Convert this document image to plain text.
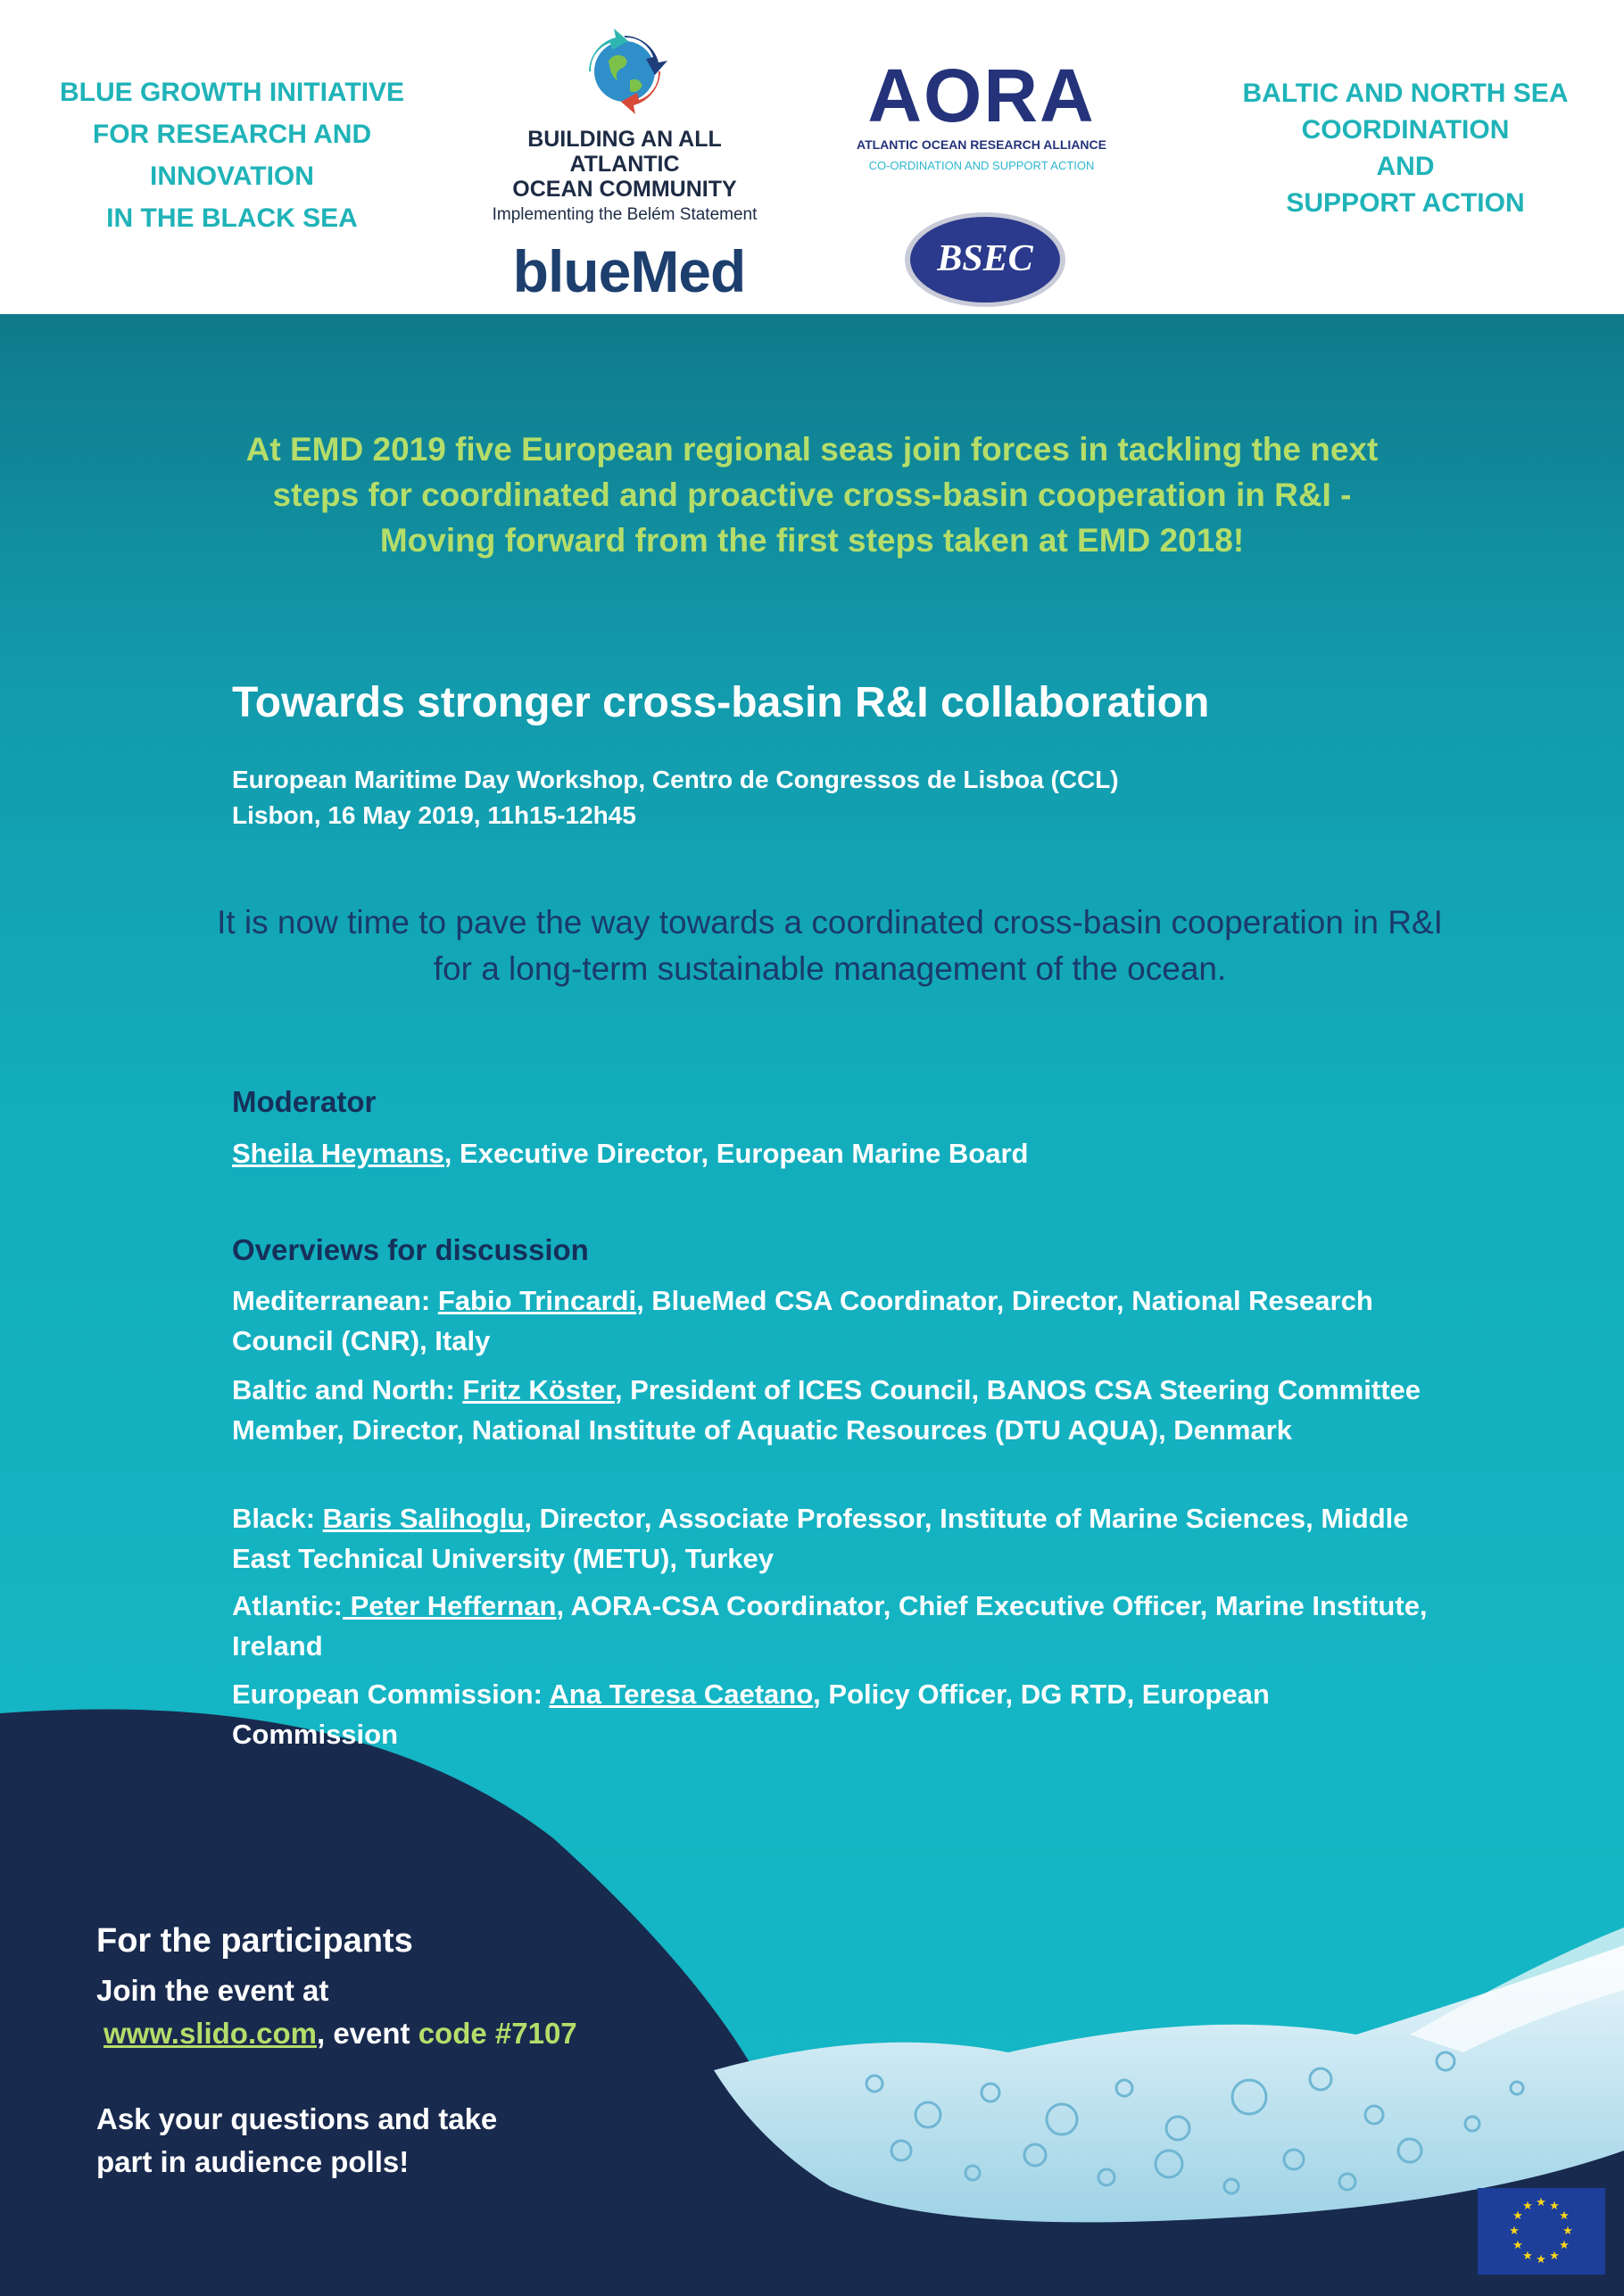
BLUE GROWTH INITIATIVE
FOR RESEARCH AND
INNOVATION
IN THE BLACK SEA
BUILDING AN ALL ATLANTIC
OCEAN COMMUNITY
Implementing the Belém Statement
blueMed
AORA
ATLANTIC OCEAN RESEARCH ALLIANCE
CO-ORDINATION AND SUPPORT ACTION
BSEC
BALTIC AND NORTH SEA
COORDINATION
AND
SUPPORT ACTION
At EMD 2019 five European regional seas join forces in tackling the next steps for coordinated and proactive cross-basin cooperation in R&I - Moving forward from the first steps taken at EMD 2018!
Towards stronger cross-basin R&I collaboration
European Maritime Day Workshop, Centro de Congressos de Lisboa (CCL)
Lisbon, 16 May 2019, 11h15-12h45
It is now time to pave the way towards a coordinated cross-basin cooperation in R&I for a long-term sustainable management of the ocean.
Moderator
Sheila Heymans, Executive Director, European Marine Board
Overviews for discussion
Mediterranean: Fabio Trincardi, BlueMed CSA Coordinator, Director, National Research Council (CNR), Italy
Baltic and North: Fritz Köster, President of ICES Council, BANOS CSA Steering Committee Member, Director, National Institute of Aquatic Resources (DTU AQUA), Denmark
Black: Baris Salihoglu, Director, Associate Professor, Institute of Marine Sciences, Middle East Technical University (METU), Turkey
Atlantic: Peter Heffernan, AORA-CSA Coordinator, Chief Executive Officer, Marine Institute, Ireland
European Commission: Ana Teresa Caetano, Policy Officer, DG RTD, European Commission
For the participants
Join the event at
www.slido.com, event code #7107
Ask your questions and take
part in audience polls!
★ ★
★
★
★
★
★
★
★
★
★
★
